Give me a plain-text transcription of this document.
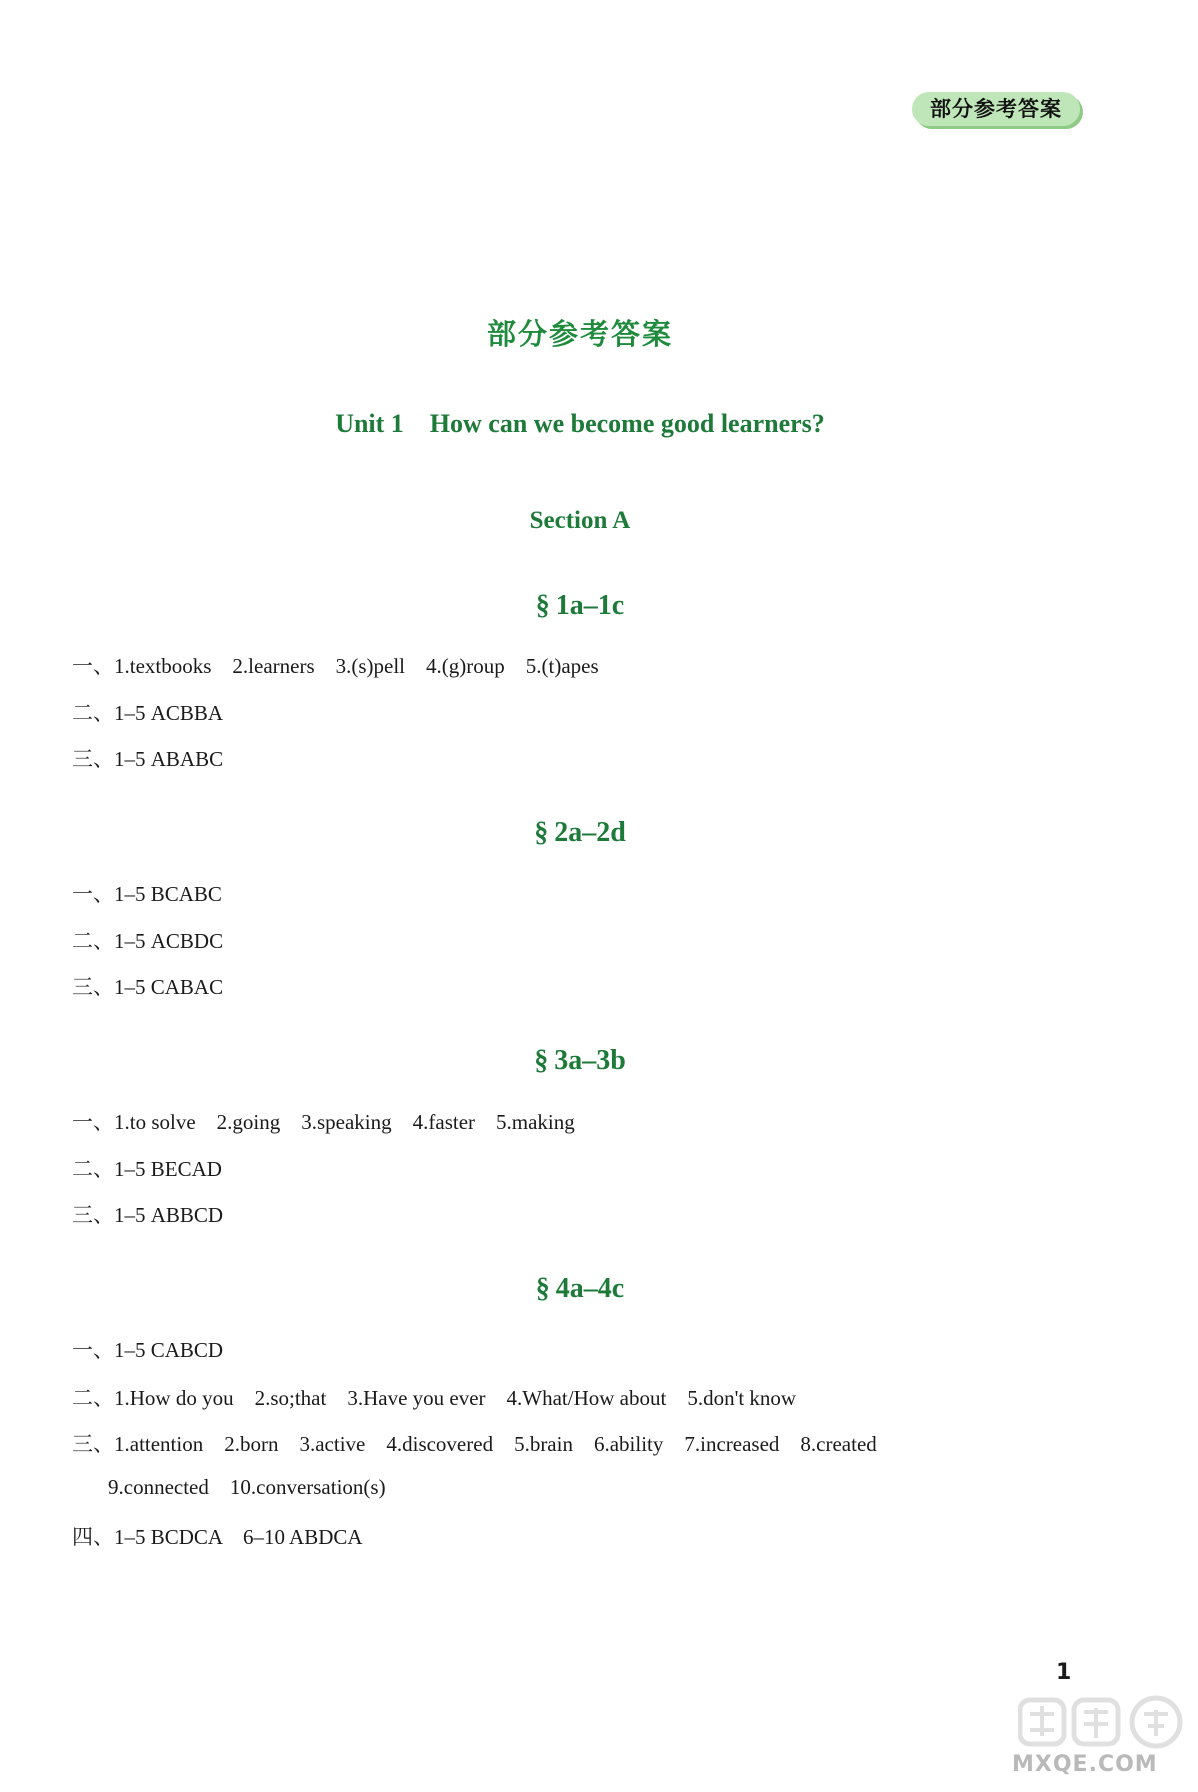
部分参考答案
部分参考答案
Unit 1    How can we become good learners?
Section A
§ 1a–1c
一、1.textbooks    2.learners    3.(s)pell    4.(g)roup    5.(t)apes
二、1–5 ACBBA
三、1–5 ABABC
§ 2a–2d
一、1–5 BCABC
二、1–5 ACBDC
三、1–5 CABAC
§ 3a–3b
一、1.to solve    2.going    3.speaking    4.faster    5.making
二、1–5 BECAD
三、1–5 ABBCD
§ 4a–4c
一、1–5 CABCD
二、1.How do you    2.so;that    3.Have you ever    4.What/How about    5.don't know
三、1.attention    2.born    3.active    4.discovered    5.brain    6.ability    7.increased    8.created
9.connected    10.conversation(s)
四、1–5 BCDCA    6–10 ABDCA
1
MXQE.COM
